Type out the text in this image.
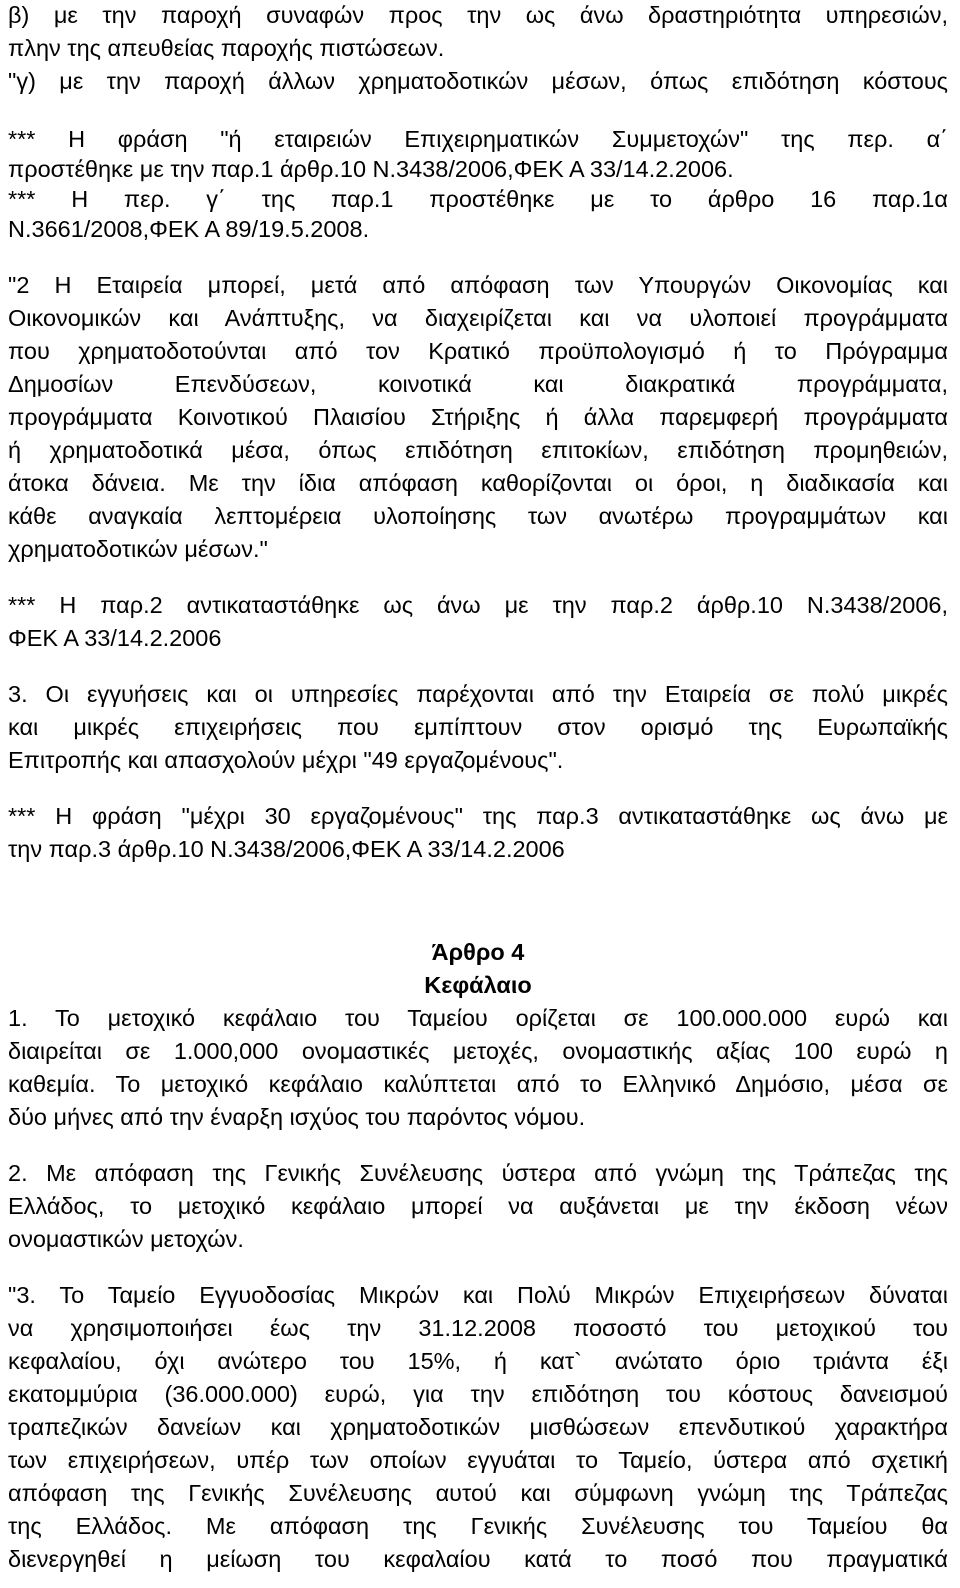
β) με την παροχή συναφών προς την ως άνω δραστηριότητα υπηρεσιών,
πλην της απευθείας παροχής πιστώσεων.
"γ) με την παροχή άλλων χρηματοδοτικών μέσων, όπως επιδότηση κόστους
*** Η φράση "ή εταιρειών Επιχειρηματικών Συμμετοχών" της περ. α΄
προστέθηκε με την παρ.1 άρθρ.10 Ν.3438/2006,ΦΕΚ Α 33/14.2.2006.
*** Η περ. γ΄ της παρ.1 προστέθηκε με το άρθρο 16 παρ.1α
Ν.3661/2008,ΦΕΚ Α 89/19.5.2008.
"2 Η Εταιρεία μπορεί, μετά από απόφαση των Υπουργών Οικονομίας και
Οικονομικών και Ανάπτυξης, να διαχειρίζεται και να υλοποιεί προγράμματα
που χρηματοδοτούνται από τον Κρατικό προϋπολογισμό ή το Πρόγραμμα
Δημοσίων Επενδύσεων, κοινοτικά και διακρατικά προγράμματα,
προγράμματα Κοινοτικού Πλαισίου Στήριξης ή άλλα παρεμφερή προγράμματα
ή χρηματοδοτικά μέσα, όπως επιδότηση επιτοκίων, επιδότηση προμηθειών,
άτοκα δάνεια. Με την ίδια απόφαση καθορίζονται οι όροι, η διαδικασία και
κάθε αναγκαία λεπτομέρεια υλοποίησης των ανωτέρω προγραμμάτων και
χρηματοδοτικών μέσων."
*** Η παρ.2 αντικαταστάθηκε ως άνω με την παρ.2 άρθρ.10 Ν.3438/2006,
ΦΕΚ Α 33/14.2.2006
3. Οι εγγυήσεις και οι υπηρεσίες παρέχονται από την Εταιρεία σε πολύ μικρές
και μικρές επιχειρήσεις που εμπίπτουν στον ορισμό της Ευρωπαϊκής
Επιτροπής και απασχολούν μέχρι "49 εργαζομένους".
*** Η φράση "μέχρι 30 εργαζομένους" της παρ.3 αντικαταστάθηκε ως άνω με
την παρ.3 άρθρ.10 Ν.3438/2006,ΦΕΚ Α 33/14.2.2006
Άρθρο 4
Κεφάλαιο
1. Το μετοχικό κεφάλαιο του Ταμείου ορίζεται σε 100.000.000 ευρώ και
διαιρείται σε 1.000,000 ονομαστικές μετοχές, ονομαστικής αξίας 100 ευρώ η
καθεμία. Το μετοχικό κεφάλαιο καλύπτεται από το Ελληνικό Δημόσιο, μέσα σε
δύο μήνες από την έναρξη ισχύος του παρόντος νόμου.
2. Με απόφαση της Γενικής Συνέλευσης ύστερα από γνώμη της Τράπεζας της
Ελλάδος, το μετοχικό κεφάλαιο μπορεί να αυξάνεται με την έκδοση νέων
ονομαστικών μετοχών.
"3. Το Ταμείο Εγγυοδοσίας Μικρών και Πολύ Μικρών Επιχειρήσεων δύναται
να χρησιμοποιήσει έως την 31.12.2008 ποσοστό του μετοχικού του
κεφαλαίου, όχι ανώτερο του 15%, ή κατ` ανώτατο όριο τριάντα έξι
εκατομμύρια (36.000.000) ευρώ, για την επιδότηση του κόστους δανεισμού
τραπεζικών δανείων και χρηματοδοτικών μισθώσεων επενδυτικού χαρακτήρα
των επιχειρήσεων, υπέρ των οποίων εγγυάται το Ταμείο, ύστερα από σχετική
απόφαση της Γενικής Συνέλευσης αυτού και σύμφωνη γνώμη της Τράπεζας
της Ελλάδος. Με απόφαση της Γενικής Συνέλευσης του Ταμείου θα
διενεργηθεί η μείωση του κεφαλαίου κατά το ποσό που πραγματικά
